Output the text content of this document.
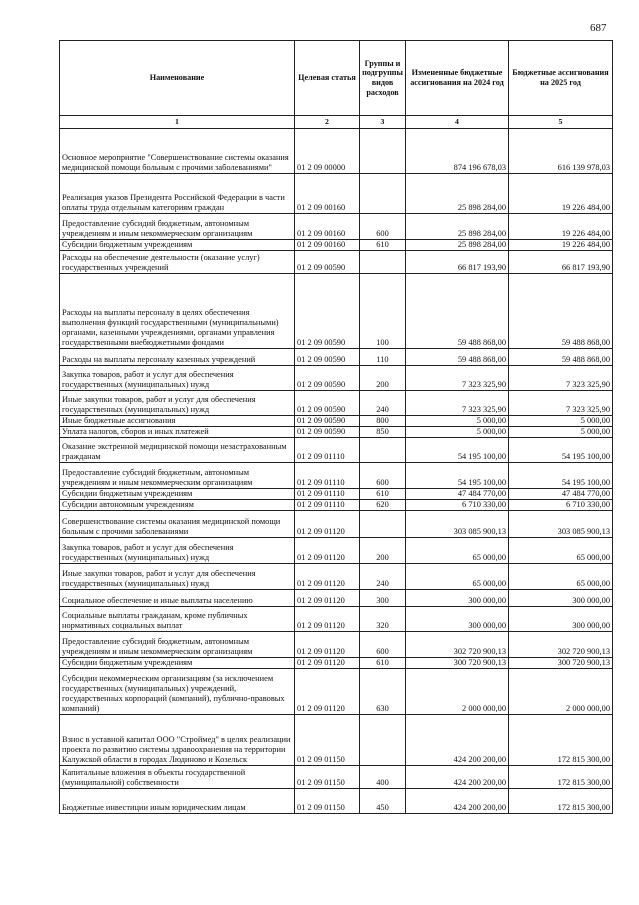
687
Наименование	Целевая статья	Группы и подгруппы видов расходов	Измененные бюджетные ассигнования на 2024 год	Бюджетные ассигнования на 2025 год
1	2	3	4	5
Основное мероприятие "Совершенствование системы оказания медицинской помощи больным с прочими заболеваниями"	01 2 09 00000		874 196 678,03	616 139 978,03
Реализация указов Президента Российской Федерации в части оплаты труда отдельным категориям граждан	01 2 09 00160		25 898 284,00	19 226 484,00
Предоставление субсидий бюджетным, автономным учреждениям и иным некоммерческим организациям	01 2 09 00160	600	25 898 284,00	19 226 484,00
Субсидии бюджетным учреждениям	01 2 09 00160	610	25 898 284,00	19 226 484,00
Расходы на обеспечение деятельности (оказание услуг) государственных учреждений	01 2 09 00590		66 817 193,90	66 817 193,90
Расходы на выплаты персоналу в целях обеспечения выполнения функций государственными (муниципальными) органами, казенными учреждениями, органами управления государственными внебюджетными фондами	01 2 09 00590	100	59 488 868,00	59 488 868,00
Расходы на выплаты персоналу казенных учреждений	01 2 09 00590	110	59 488 868,00	59 488 868,00
Закупка товаров, работ и услуг для обеспечения государственных (муниципальных) нужд	01 2 09 00590	200	7 323 325,90	7 323 325,90
Иные закупки товаров, работ и услуг для обеспечения государственных (муниципальных) нужд	01 2 09 00590	240	7 323 325,90	7 323 325,90
Иные бюджетные ассигнования	01 2 09 00590	800	5 000,00	5 000,00
Уплата налогов, сборов и иных платежей	01 2 09 00590	850	5 000,00	5 000,00
Оказание экстренной медицинской помощи незастрахованным гражданам	01 2 09 01110		54 195 100,00	54 195 100,00
Предоставление субсидий бюджетным, автономным учреждениям и иным некоммерческим организациям	01 2 09 01110	600	54 195 100,00	54 195 100,00
Субсидии бюджетным учреждениям	01 2 09 01110	610	47 484 770,00	47 484 770,00
Субсидии автономным учреждениям	01 2 09 01110	620	6 710 330,00	6 710 330,00
Совершенствование системы оказания медицинской помощи больным с прочими заболеваниями	01 2 09 01120		303 085 900,13	303 085 900,13
Закупка товаров, работ и услуг для обеспечения государственных (муниципальных) нужд	01 2 09 01120	200	65 000,00	65 000,00
Иные закупки товаров, работ и услуг для обеспечения государственных (муниципальных) нужд	01 2 09 01120	240	65 000,00	65 000,00
Социальное обеспечение и иные выплаты населению	01 2 09 01120	300	300 000,00	300 000,00
Социальные выплаты гражданам, кроме публичных нормативных социальных выплат	01 2 09 01120	320	300 000,00	300 000,00
Предоставление субсидий бюджетным, автономным учреждениям и иным некоммерческим организациям	01 2 09 01120	600	302 720 900,13	302 720 900,13
Субсидии бюджетным учреждениям	01 2 09 01120	610	300 720 900,13	300 720 900,13
Субсидии некоммерческим организациям (за исключением государственных (муниципальных) учреждений, государственных корпораций (компаний), публично-правовых компаний)	01 2 09 01120	630	2 000 000,00	2 000 000,00
Взнос в уставной капитал ООО "Строймед" в целях реализации проекта по развитию системы здравоохранения на территории Калужской области в городах Людиново и Козельск	01 2 09 01150		424 200 200,00	172 815 300,00
Капитальные вложения в объекты государственной (муниципальной) собственности	01 2 09 01150	400	424 200 200,00	172 815 300,00
Бюджетные инвестиции иным юридическим лицам	01 2 09 01150	450	424 200 200,00	172 815 300,00
